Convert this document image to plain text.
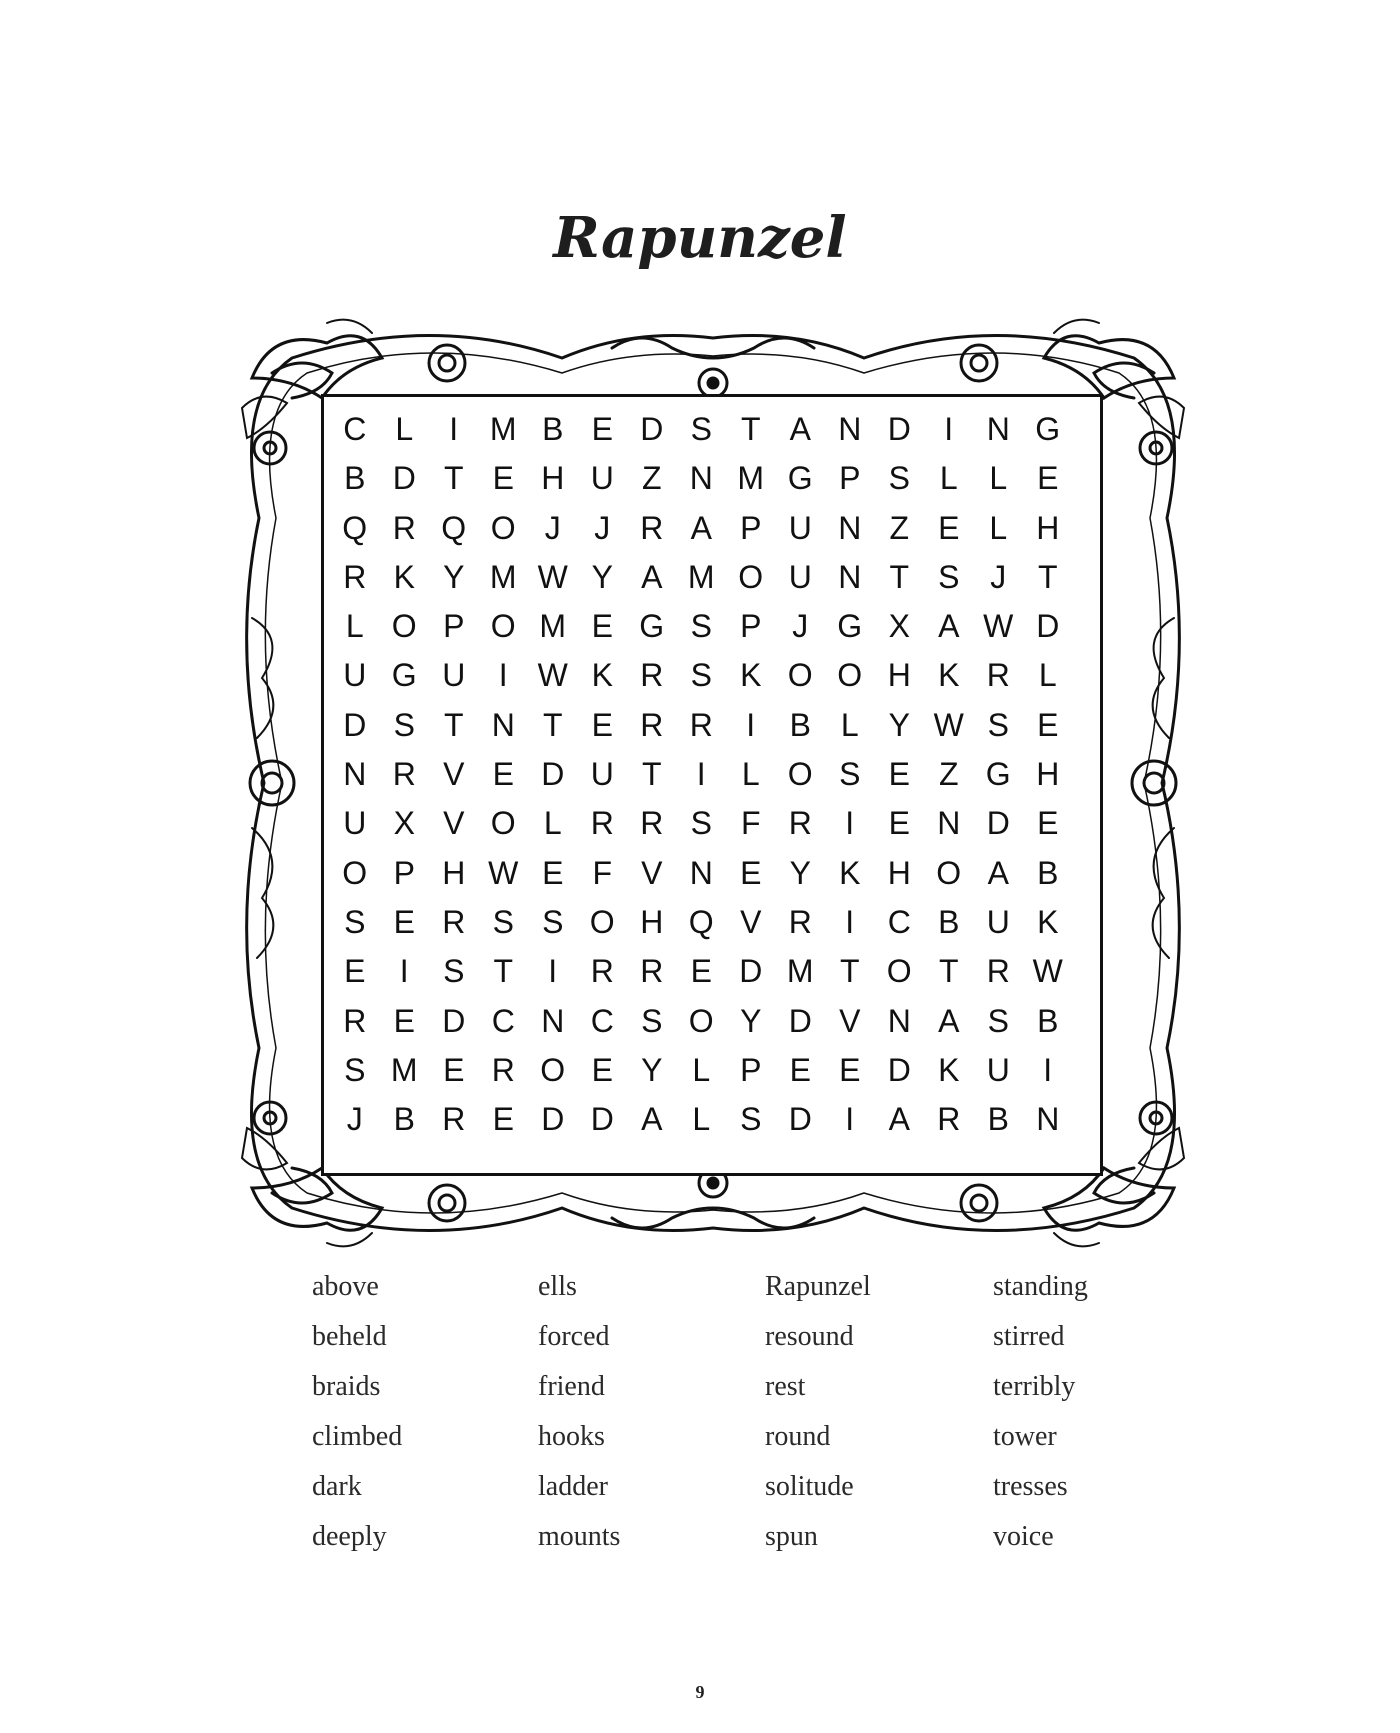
Rapunzel
C L	I M B E D S T A N D	I	N G
B D T E H U Z N M G P S L L E
Q R Q O J	J R A P U N Z E L H
R K Y M W Y A M O U N T S J T
L O P O M E G S P J G X A W D
U G U	I W K R S K O O H K R L
D S T N T E R R	I	B L Y W S E
N R V E D U T	I	L O S E Z G H
U X V O L R R S F R	I	E N D E
O P H W E F V N E Y K H O A B
S E R S S O H Q V R	I	C B U K
E	I	S T	I	R R E D M T O T R W
R E D C N C S O Y D V N A S B
S M E R O E Y L P E E D K U	I
J B R E D D A L S D	I	A R B N
above
beheld
braids
climbed
dark
deeply
ells
forced
friend
hooks
ladder
mounts
Rapunzel
resound
rest
round
solitude
spun
standing
stirred
terribly
tower
tresses
voice
9
